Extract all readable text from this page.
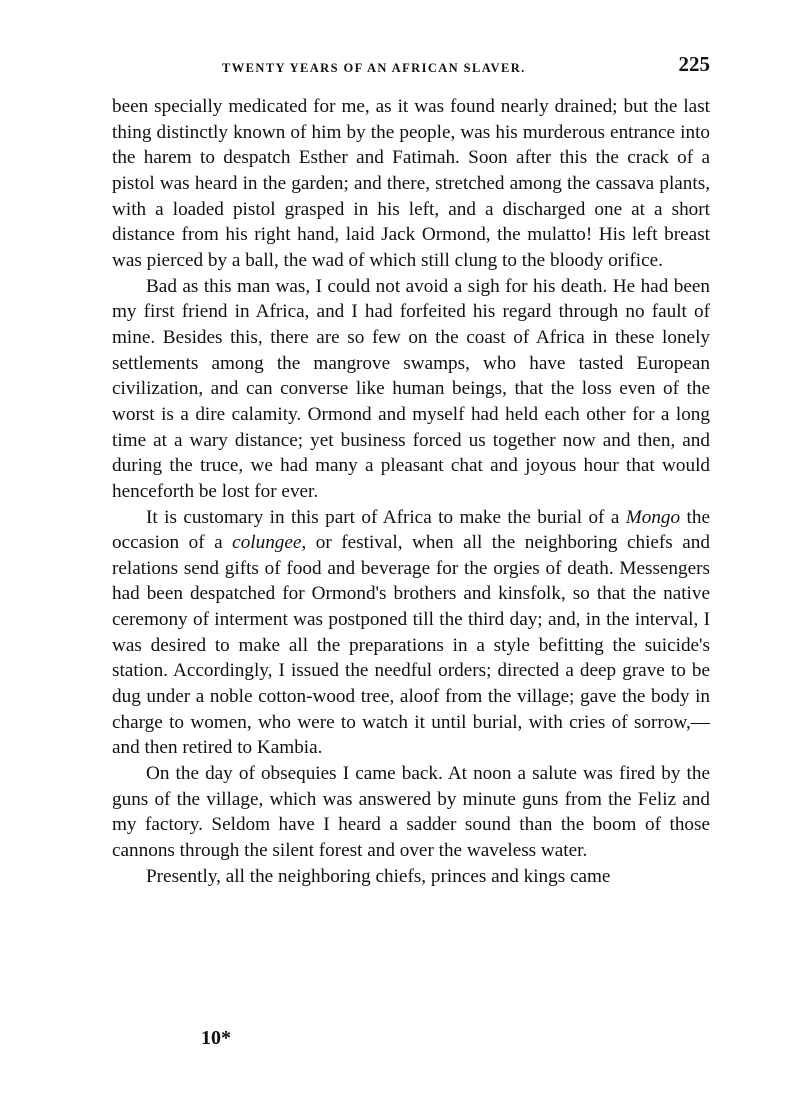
TWENTY YEARS OF AN AFRICAN SLAVER.	225

been specially medicated for me, as it was found nearly drained; but the last thing distinctly known of him by the people, was his murderous entrance into the harem to despatch Esther and Fatimah. Soon after this the crack of a pistol was heard in the garden; and there, stretched among the cassava plants, with a loaded pistol grasped in his left, and a discharged one at a short distance from his right hand, laid Jack Ormond, the mulatto! His left breast was pierced by a ball, the wad of which still clung to the bloody orifice.

Bad as this man was, I could not avoid a sigh for his death. He had been my first friend in Africa, and I had forfeited his regard through no fault of mine. Besides this, there are so few on the coast of Africa in these lonely settlements among the mangrove swamps, who have tasted European civilization, and can converse like human beings, that the loss even of the worst is a dire calamity. Ormond and myself had held each other for a long time at a wary distance; yet business forced us together now and then, and during the truce, we had many a pleasant chat and joyous hour that would henceforth be lost for ever.

It is customary in this part of Africa to make the burial of a Mongo the occasion of a colungee, or festival, when all the neighboring chiefs and relations send gifts of food and beverage for the orgies of death. Messengers had been despatched for Ormond's brothers and kinsfolk, so that the native ceremony of interment was postponed till the third day; and, in the interval, I was desired to make all the preparations in a style befitting the suicide's station. Accordingly, I issued the needful orders; directed a deep grave to be dug under a noble cotton-wood tree, aloof from the village; gave the body in charge to women, who were to watch it until burial, with cries of sorrow,—and then retired to Kambia.

On the day of obsequies I came back. At noon a salute was fired by the guns of the village, which was answered by minute guns from the Feliz and my factory. Seldom have I heard a sadder sound than the boom of those cannons through the silent forest and over the waveless water.

Presently, all the neighboring chiefs, princes and kings came

10*
